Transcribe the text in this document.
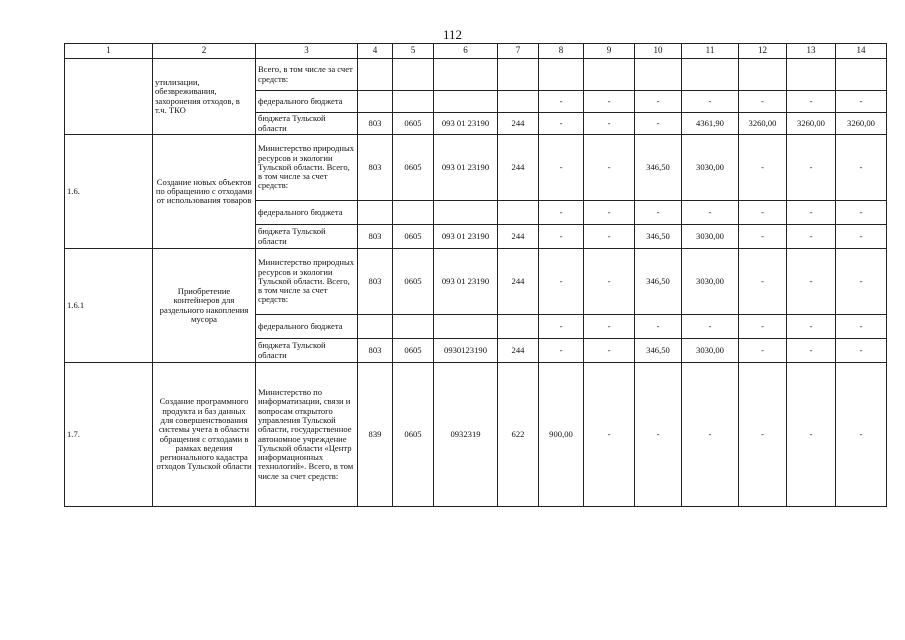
112
1	2	3	4	5	6	7	8	9	10	11	12	13	14
	утилизации, обезвреживания, захоронения отходов, в т.ч. ТКО	Всего, в том числе за счет средств:											
		федерального бюджета					-	-	-	-	-	-	-
		бюджета Тульской области	803	0605	093 01 23190	244	-	-	-	4361,90	3260,00	3260,00	3260,00
1.6.	Создание новых объектов по обращению с отходами от использования товаров	Министерство природных ресурсов и экологии Тульской области. Всего, в том числе за счет средств:	803	0605	093 01 23190	244	-	-	346,50	3030,00	-	-	-
		федерального бюджета					-	-	-	-	-	-	-
		бюджета Тульской области	803	0605	093 01 23190	244	-	-	346,50	3030,00	-	-	-
1.6.1	Приобретение контейнеров для раздельного накопления мусора	Министерство природных ресурсов и экологии Тульской области. Всего, в том числе за счет средств:	803	0605	093 01 23190	244	-	-	346,50	3030,00	-	-	-
		федерального бюджета					-	-	-	-	-	-	-
		бюджета Тульской области	803	0605	0930123190	244	-	-	346,50	3030,00	-	-	-
1.7.	Создание программного продукта и баз данных для совершенствования системы учета в области обращения с отходами в рамках ведения регионального кадастра отходов Тульской области	Министерство по информатизации, связи и вопросам открытого управления Тульской области, государственное автономное учреждение Тульской области «Центр информационных технологий». Всего, в том числе за счет средств:	839	0605	0932319	622	900,00	-	-	-	-	-	-
